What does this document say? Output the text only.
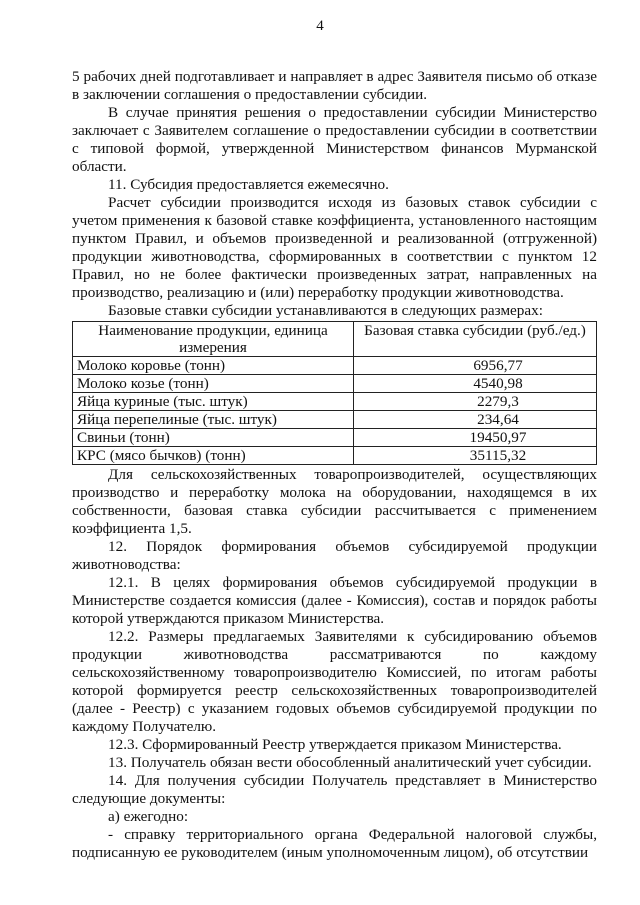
4

5 рабочих дней подготавливает и направляет в адрес Заявителя письмо об отказе в заключении соглашения о предоставлении субсидии.

В случае принятия решения о предоставлении субсидии Министерство заключает с Заявителем соглашение о предоставлении субсидии в соответствии с типовой формой, утвержденной Министерством финансов Мурманской области.

11. Субсидия предоставляется ежемесячно.

Расчет субсидии производится исходя из базовых ставок субсидии с учетом применения к базовой ставке коэффициента, установленного настоящим пунктом Правил, и объемов произведенной и реализованной (отгруженной) продукции животноводства, сформированных в соответствии с пунктом 12 Правил, но не более фактически произведенных затрат, направленных на производство, реализацию и (или) переработку продукции животноводства.

Базовые ставки субсидии устанавливаются в следующих размерах:

Наименование продукции, единица измерения	Базовая ставка субсидии (руб./ед.)
Молоко коровье (тонн)	6956,77
Молоко козье (тонн)	4540,98
Яйца куриные (тыс. штук)	2279,3
Яйца перепелиные (тыс. штук)	234,64
Свиньи (тонн)	19450,97
КРС (мясо бычков) (тонн)	35115,32

Для сельскохозяйственных товаропроизводителей, осуществляющих производство и переработку молока на оборудовании, находящемся в их собственности, базовая ставка субсидии рассчитывается с применением коэффициента 1,5.

12. Порядок формирования объемов субсидируемой продукции животноводства:

12.1. В целях формирования объемов субсидируемой продукции в Министерстве создается комиссия (далее - Комиссия), состав и порядок работы которой утверждаются приказом Министерства.

12.2. Размеры предлагаемых Заявителями к субсидированию объемов продукции животноводства рассматриваются по каждому сельскохозяйственному товаропроизводителю Комиссией, по итогам работы которой формируется реестр сельскохозяйственных товаропроизводителей (далее - Реестр) с указанием годовых объемов субсидируемой продукции по каждому Получателю.

12.3. Сформированный Реестр утверждается приказом Министерства.

13. Получатель обязан вести обособленный аналитический учет субсидии.

14. Для получения субсидии Получатель представляет в Министерство следующие документы:

а) ежегодно:

- справку территориального органа Федеральной налоговой службы, подписанную ее руководителем (иным уполномоченным лицом), об отсутствии
